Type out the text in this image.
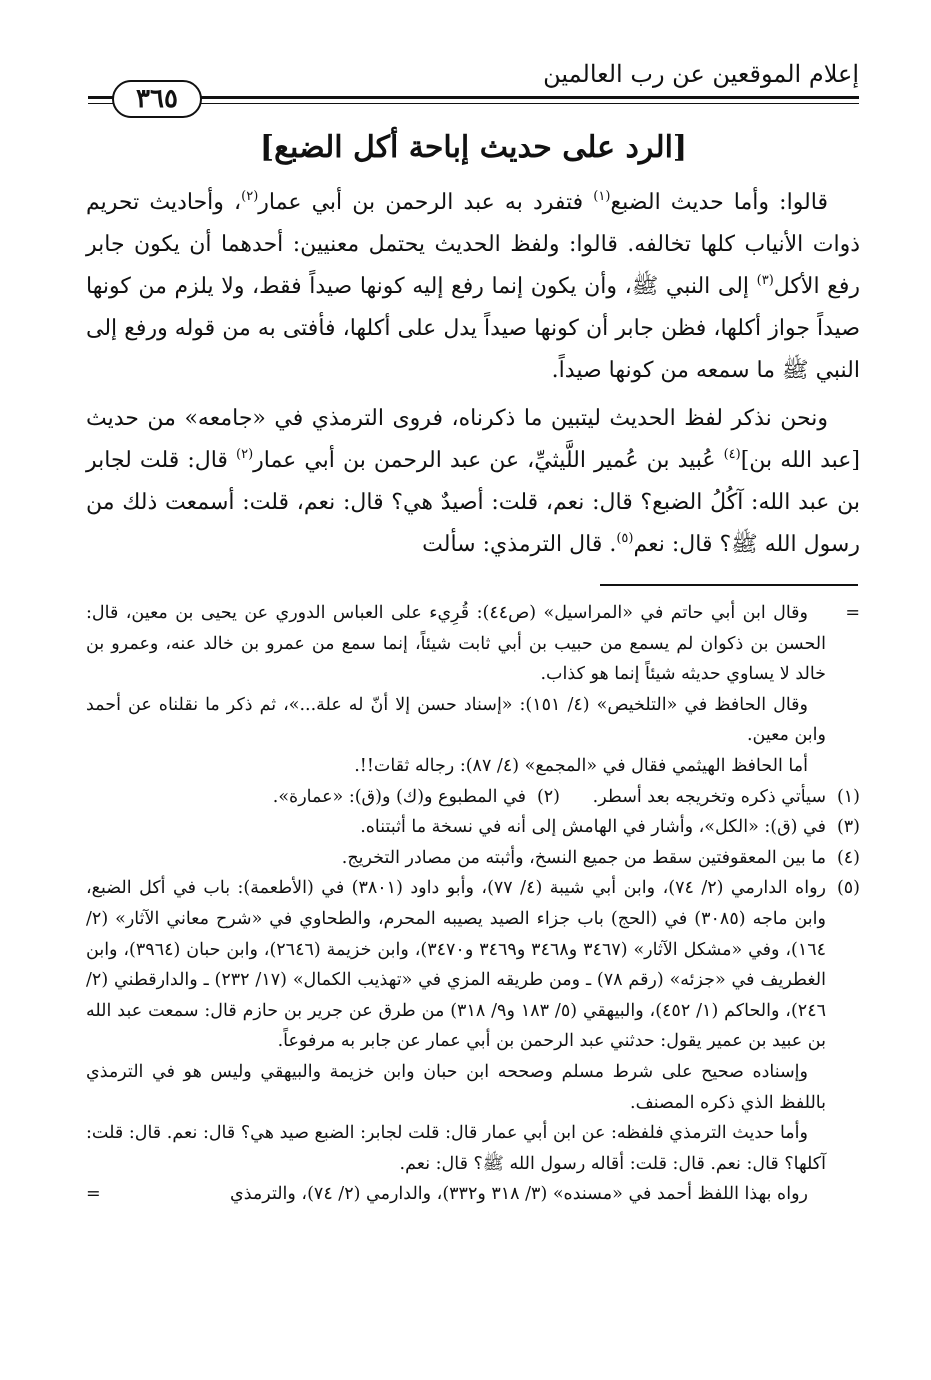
إعلام الموقعين عن رب العالمين
٣٦٥
[الرد على حديث إباحة أكل الضبع]

قالوا: وأما حديث الضبع$^{(١)}$ فتفرد به عبد الرحمن بن أبي عمار$^{(٢)}$، وأحاديث تحريم ذوات الأنياب كلها تخالفه. قالوا: ولفظ الحديث يحتمل معنيين: أحدهما أن يكون جابر رفع الأكل$^{(٣)}$ إلى النبي ﷺ، وأن يكون إنما رفع إليه كونها صيداً فقط، ولا يلزم من كونها صيداً جواز أكلها، فظن جابر أن كونها صيداً يدل على أكلها، فأفتى به من قوله ورفع إلى النبي ﷺ ما سمعه من كونها صيداً.

ونحن نذكر لفظ الحديث ليتبين ما ذكرناه، فروى الترمذي في «جامعه» من حديث [عبد الله بن]$^{(٤)}$ عُبيد بن عُمير اللَّيثيِّ، عن عبد الرحمن بن أبي عمار$^{(٢)}$ قال: قلت لجابر بن عبد الله: آكُلُ الضبع؟ قال: نعم، قلت: أصيدٌ هي؟ قال: نعم، قلت: أسمعت ذلك من رسول الله ﷺ؟ قال: نعم$^{(٥)}$. قال الترمذي: سألت

=
وقال ابن أبي حاتم في «المراسيل» (ص٤٤): قُرِيء على العباس الدوري عن يحيى بن معين، قال: الحسن بن ذكوان لم يسمع من حبيب بن أبي ثابت شيئاً، إنما سمع من عمرو بن خالد عنه، وعمرو بن خالد لا يساوي حديثه شيئاً إنما هو كذاب.

وقال الحافظ في «التلخيص» (٤/ ١٥١): «إسناد حسن إلا أنّ له علة...»، ثم ذكر ما نقلناه عن أحمد وابن معين.

أما الحافظ الهيثمي فقال في «المجمع» (٤/ ٨٧): رجاله ثقات!!.

(١)
سيأتي ذكره وتخريجه بعد أسطر.
(٢)
في المطبوع و(ك) و(ق): «عمارة».
(٣)
في (ق): «الكل»، وأشار في الهامش إلى أنه في نسخة ما أثبتناه.
(٤)
ما بين المعقوفتين سقط من جميع النسخ، وأثبته من مصادر التخريج.
(٥)
رواه الدارمي (٢/ ٧٤)، وابن أبي شيبة (٤/ ٧٧)، وأبو داود (٣٨٠١) في (الأطعمة): باب في أكل الضبع، وابن ماجه (٣٠٨٥) في (الحج) باب جزاء الصيد يصيبه المحرم، والطحاوي في «شرح معاني الآثار» (٢/ ١٦٤)، وفي «مشكل الآثار» (٣٤٦٧ و٣٤٦٨ و٣٤٦٩ و٣٤٧٠)، وابن خزيمة (٢٦٤٦)، وابن حبان (٣٩٦٤)، وابن الغطريف في «جزئه» (رقم ٧٨) ـ ومن طريقه المزي في «تهذيب الكمال» (١٧/ ٢٣٢) ـ والدارقطني (٢/ ٢٤٦)، والحاكم (١/ ٤٥٢)، والبيهقي (٥/ ١٨٣ و٩/ ٣١٨) من طرق عن جرير بن حازم قال: سمعت عبد الله بن عبيد بن عمير يقول: حدثني عبد الرحمن بن أبي عمار عن جابر به مرفوعاً.

وإسناده صحيح على شرط مسلم وصححه ابن حبان وابن خزيمة والبيهقي وليس هو في الترمذي باللفظ الذي ذكره المصنف.

وأما حديث الترمذي فلفظه: عن ابن أبي عمار قال: قلت لجابر: الضبع صيد هي؟ قال: نعم. قال: قلت: آكلها؟ قال: نعم. قال: قلت: أقاله رسول الله ﷺ؟ قال: نعم.

رواه بهذا اللفظ أحمد في «مسنده» (٣/ ٣١٨ و٣٣٢)، والدارمي (٢/ ٧٤)، والترمذي
=
